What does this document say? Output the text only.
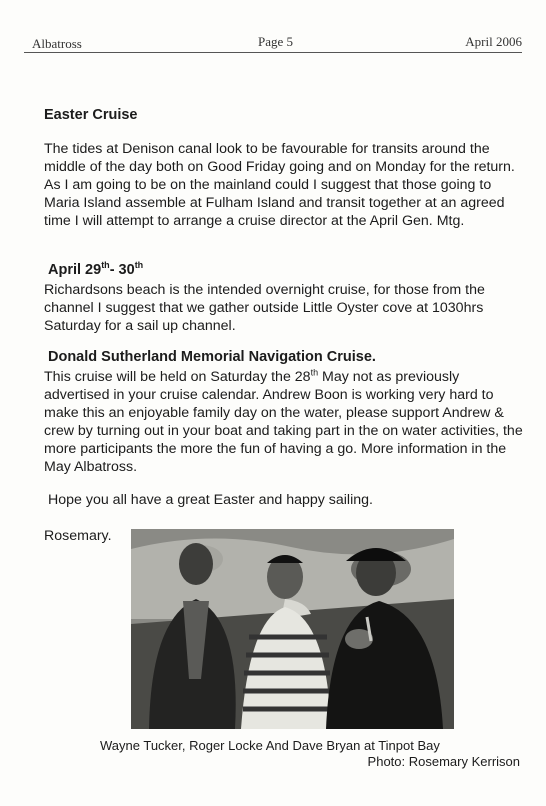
Albatross	Page 5	April 2006
Easter Cruise

The tides at Denison canal look to be favourable for transits around the middle of the day both on Good Friday going and on Monday for the return. As I am going to be on the mainland could I suggest that those going to Maria Island assemble at Fulham Island and transit together at an agreed time I will attempt to arrange a cruise director at the April Gen. Mtg.

April 29th- 30th

Richardsons beach is the intended overnight cruise, for those from the channel I suggest that we gather outside Little Oyster cove at 1030hrs Saturday for a sail up channel.

Donald Sutherland Memorial Navigation Cruise.

This cruise will be held on Saturday the 28th May not as previously advertised in your cruise calendar. Andrew Boon is working very hard to make this an enjoyable family day on the water, please support Andrew & crew by turning out in your boat and taking part in the on water activities, the more participants the more the fun of having a go. More information in the May Albatross.

Hope you all have a great Easter and happy sailing.

Rosemary.

Wayne Tucker, Roger Locke And Dave Bryan at Tinpot Bay
Photo: Rosemary Kerrison
